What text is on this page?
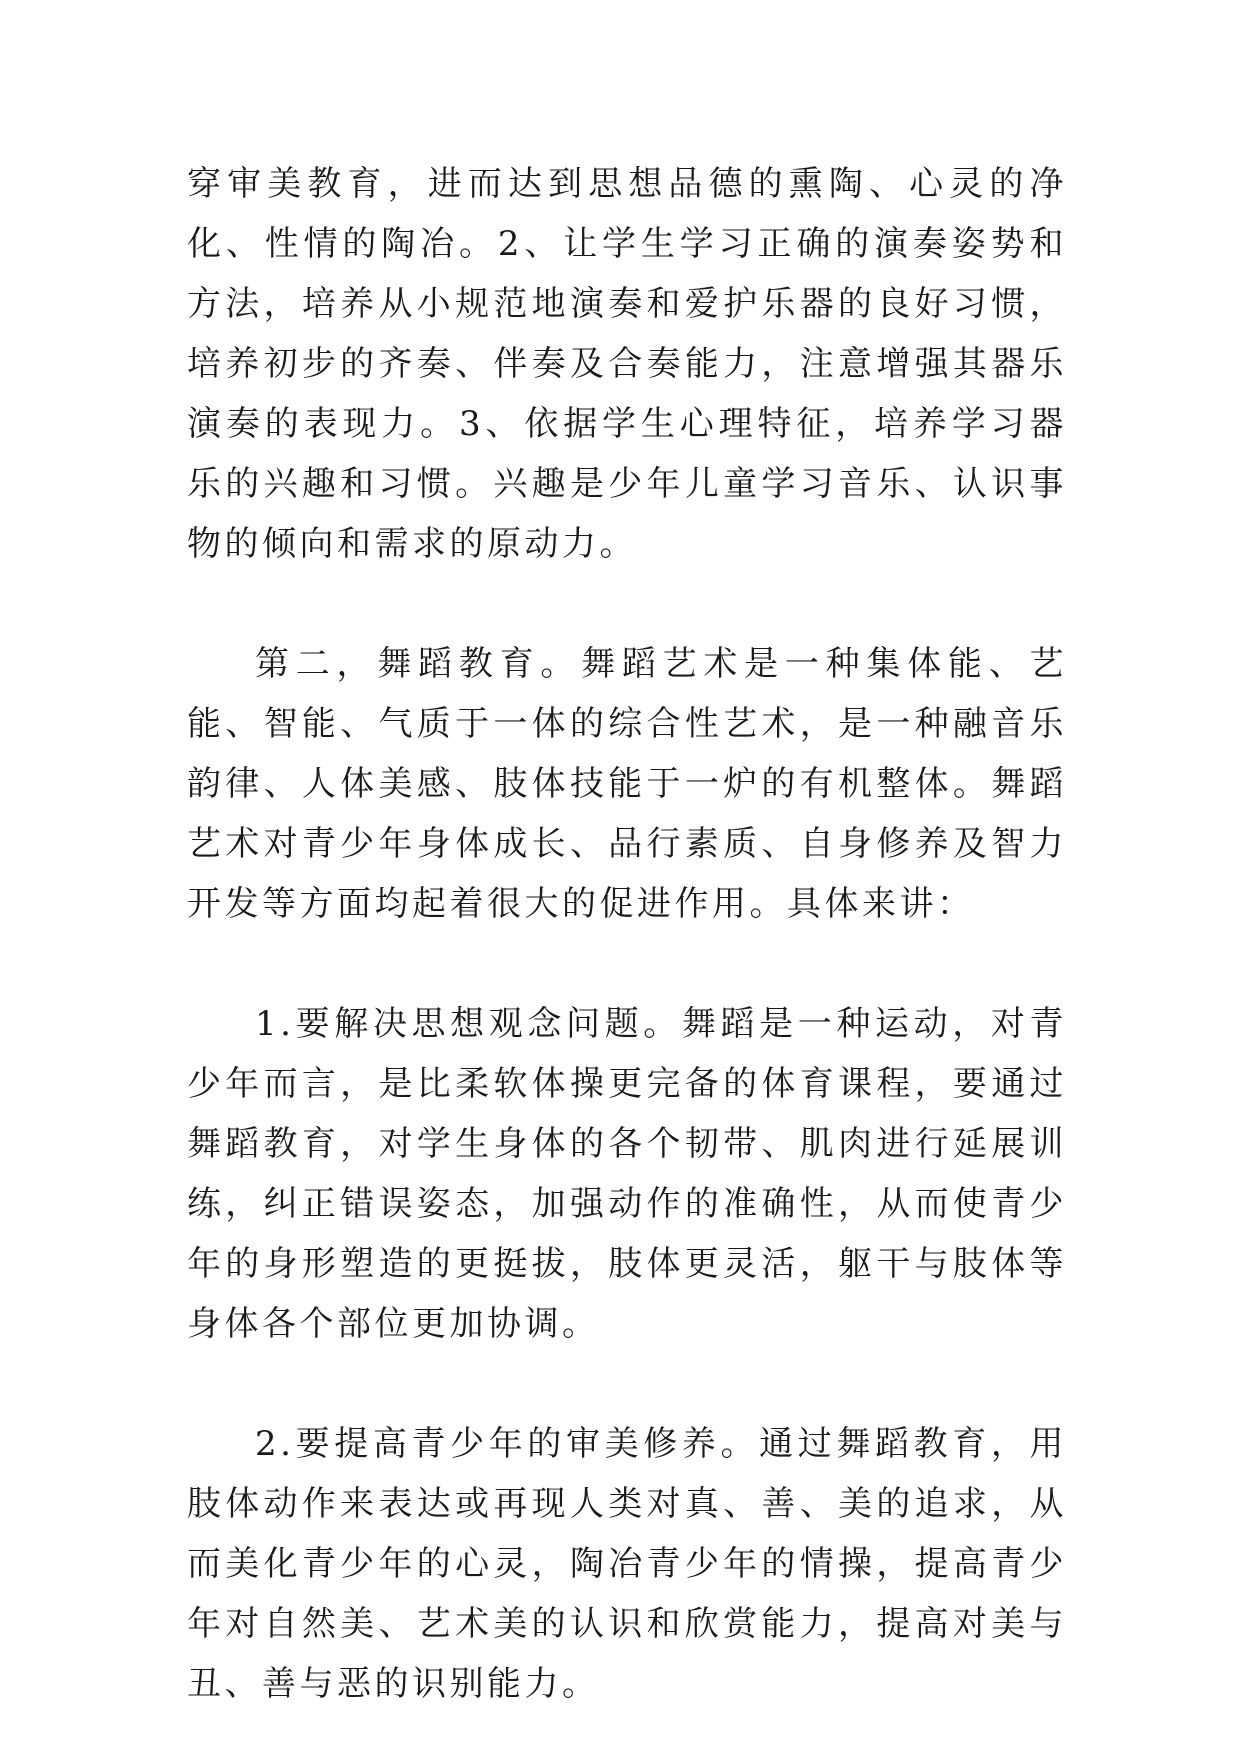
穿审美教育，进而达到思想品德的熏陶、心灵的净化、性情的陶冶。2、让学生学习正确的演奏姿势和方法，培养从小规范地演奏和爱护乐器的良好习惯，培养初步的齐奏、伴奏及合奏能力，注意增强其器乐演奏的表现力。3、依据学生心理特征，培养学习器乐的兴趣和习惯。兴趣是少年儿童学习音乐、认识事物的倾向和需求的原动力。

第二，舞蹈教育。舞蹈艺术是一种集体能、艺能、智能、气质于一体的综合性艺术，是一种融音乐韵律、人体美感、肢体技能于一炉的有机整体。舞蹈艺术对青少年身体成长、品行素质、自身修养及智力开发等方面均起着很大的促进作用。具体来讲：

1.要解决思想观念问题。舞蹈是一种运动，对青少年而言，是比柔软体操更完备的体育课程，要通过舞蹈教育，对学生身体的各个韧带、肌肉进行延展训练，纠正错误姿态，加强动作的准确性，从而使青少年的身形塑造的更挺拔，肢体更灵活，躯干与肢体等身体各个部位更加协调。

2.要提高青少年的审美修养。通过舞蹈教育，用肢体动作来表达或再现人类对真、善、美的追求，从而美化青少年的心灵，陶冶青少年的情操，提高青少年对自然美、艺术美的认识和欣赏能力，提高对美与丑、善与恶的识别能力。
